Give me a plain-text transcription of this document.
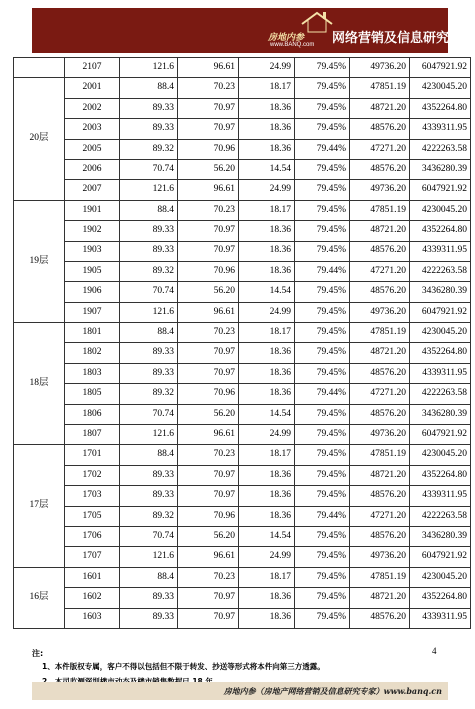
房地内参
www.BANQ.com 网络营销及信息研究专家
	2107	121.6	96.61	24.99	79.45%	49736.20	6047921.92
20层	2001	88.4	70.23	18.17	79.45%	47851.19	4230045.20
	2002	89.33	70.97	18.36	79.45%	48721.20	4352264.80
	2003	89.33	70.97	18.36	79.45%	48576.20	4339311.95
	2005	89.32	70.96	18.36	79.44%	47271.20	4222263.58
	2006	70.74	56.20	14.54	79.45%	48576.20	3436280.39
	2007	121.6	96.61	24.99	79.45%	49736.20	6047921.92
19层	1901	88.4	70.23	18.17	79.45%	47851.19	4230045.20
	1902	89.33	70.97	18.36	79.45%	48721.20	4352264.80
	1903	89.33	70.97	18.36	79.45%	48576.20	4339311.95
	1905	89.32	70.96	18.36	79.44%	47271.20	4222263.58
	1906	70.74	56.20	14.54	79.45%	48576.20	3436280.39
	1907	121.6	96.61	24.99	79.45%	49736.20	6047921.92
18层	1801	88.4	70.23	18.17	79.45%	47851.19	4230045.20
	1802	89.33	70.97	18.36	79.45%	48721.20	4352264.80
	1803	89.33	70.97	18.36	79.45%	48576.20	4339311.95
	1805	89.32	70.96	18.36	79.44%	47271.20	4222263.58
	1806	70.74	56.20	14.54	79.45%	48576.20	3436280.39
	1807	121.6	96.61	24.99	79.45%	49736.20	6047921.92
17层	1701	88.4	70.23	18.17	79.45%	47851.19	4230045.20
	1702	89.33	70.97	18.36	79.45%	48721.20	4352264.80
	1703	89.33	70.97	18.36	79.45%	48576.20	4339311.95
	1705	89.32	70.96	18.36	79.44%	47271.20	4222263.58
	1706	70.74	56.20	14.54	79.45%	48576.20	3436280.39
	1707	121.6	96.61	24.99	79.45%	49736.20	6047921.92
16层	1601	88.4	70.23	18.17	79.45%	47851.19	4230045.20
	1602	89.33	70.97	18.36	79.45%	48721.20	4352264.80
	1603	89.33	70.97	18.36	79.45%	48576.20	4339311.95
4
注:
1、本件版权专属，客户不得以包括但不限于转发、抄送等形式将本件向第三方透露。
房地内参（房地产网络营销及信息研究专家）www.banq.cn
